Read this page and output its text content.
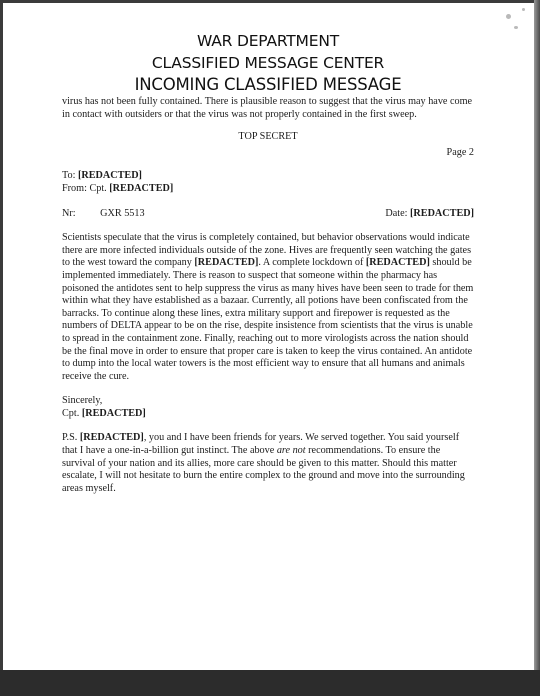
WAR DEPARTMENT
CLASSIFIED MESSAGE CENTER
INCOMING CLASSIFIED MESSAGE
virus has not been fully contained. There is plausible reason to suggest that the virus may have come in contact with outsiders or that the virus was not properly contained in the first sweep.
TOP SECRET
Page 2
To: [REDACTED]
From: Cpt. [REDACTED]
Nr: GXR 5513	Date: [REDACTED]
Scientists speculate that the virus is completely contained, but behavior observations would indicate there are more infected individuals outside of the zone. Hives are frequently seen watching the gates to the west toward the company [REDACTED]. A complete lockdown of [REDACTED] should be implemented immediately. There is reason to suspect that someone within the pharmacy has poisoned the antidotes sent to help suppress the virus as many hives have been seen to trade for them within what they have established as a bazaar. Currently, all potions have been confiscated from the barracks. To continue along these lines, extra military support and firepower is requested as the numbers of DELTA appear to be on the rise, despite insistence from scientists that the virus is unable to spread in the containment zone. Finally, reaching out to more virologists across the nation should be the final move in order to ensure that proper care is taken to keep the virus contained. An antidote to dump into the local water towers is the most efficient way to ensure that all humans and animals receive the cure.
Sincerely,
Cpt. [REDACTED]
P.S. [REDACTED], you and I have been friends for years. We served together. You said yourself that I have a one-in-a-billion gut instinct. The above are not recommendations. To ensure the survival of your nation and its allies, more care should be given to this matter. Should this matter escalate, I will not hesitate to burn the entire complex to the ground and move into the surrounding areas myself.
